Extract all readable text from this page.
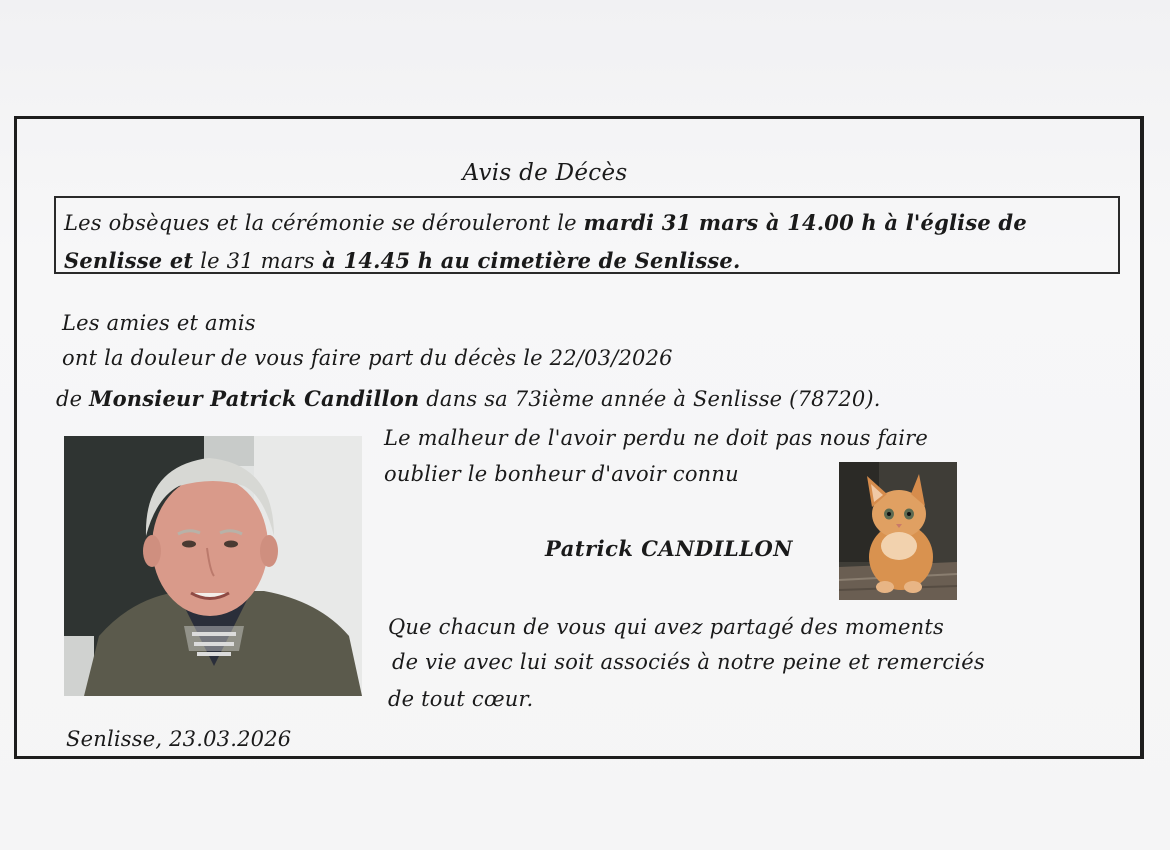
Avis de Décès
Les obsèques et la cérémonie se dérouleront le mardi 31 mars à 14.00 h à l'église de
Senlisse et le 31 mars à 14.45 h au cimetière de Senlisse.
Les amies et amis
ont la douleur de vous faire part du décès le 22/03/2026
de Monsieur Patrick Candillon dans sa 73ième année à Senlisse (78720).
Le malheur de l'avoir perdu ne doit pas nous faire
oublier le bonheur d'avoir connu
Patrick CANDILLON
Que chacun de vous qui avez partagé des moments
de vie avec lui soit associés à notre peine et remerciés
de tout cœur.
Senlisse, 23.03.2026
